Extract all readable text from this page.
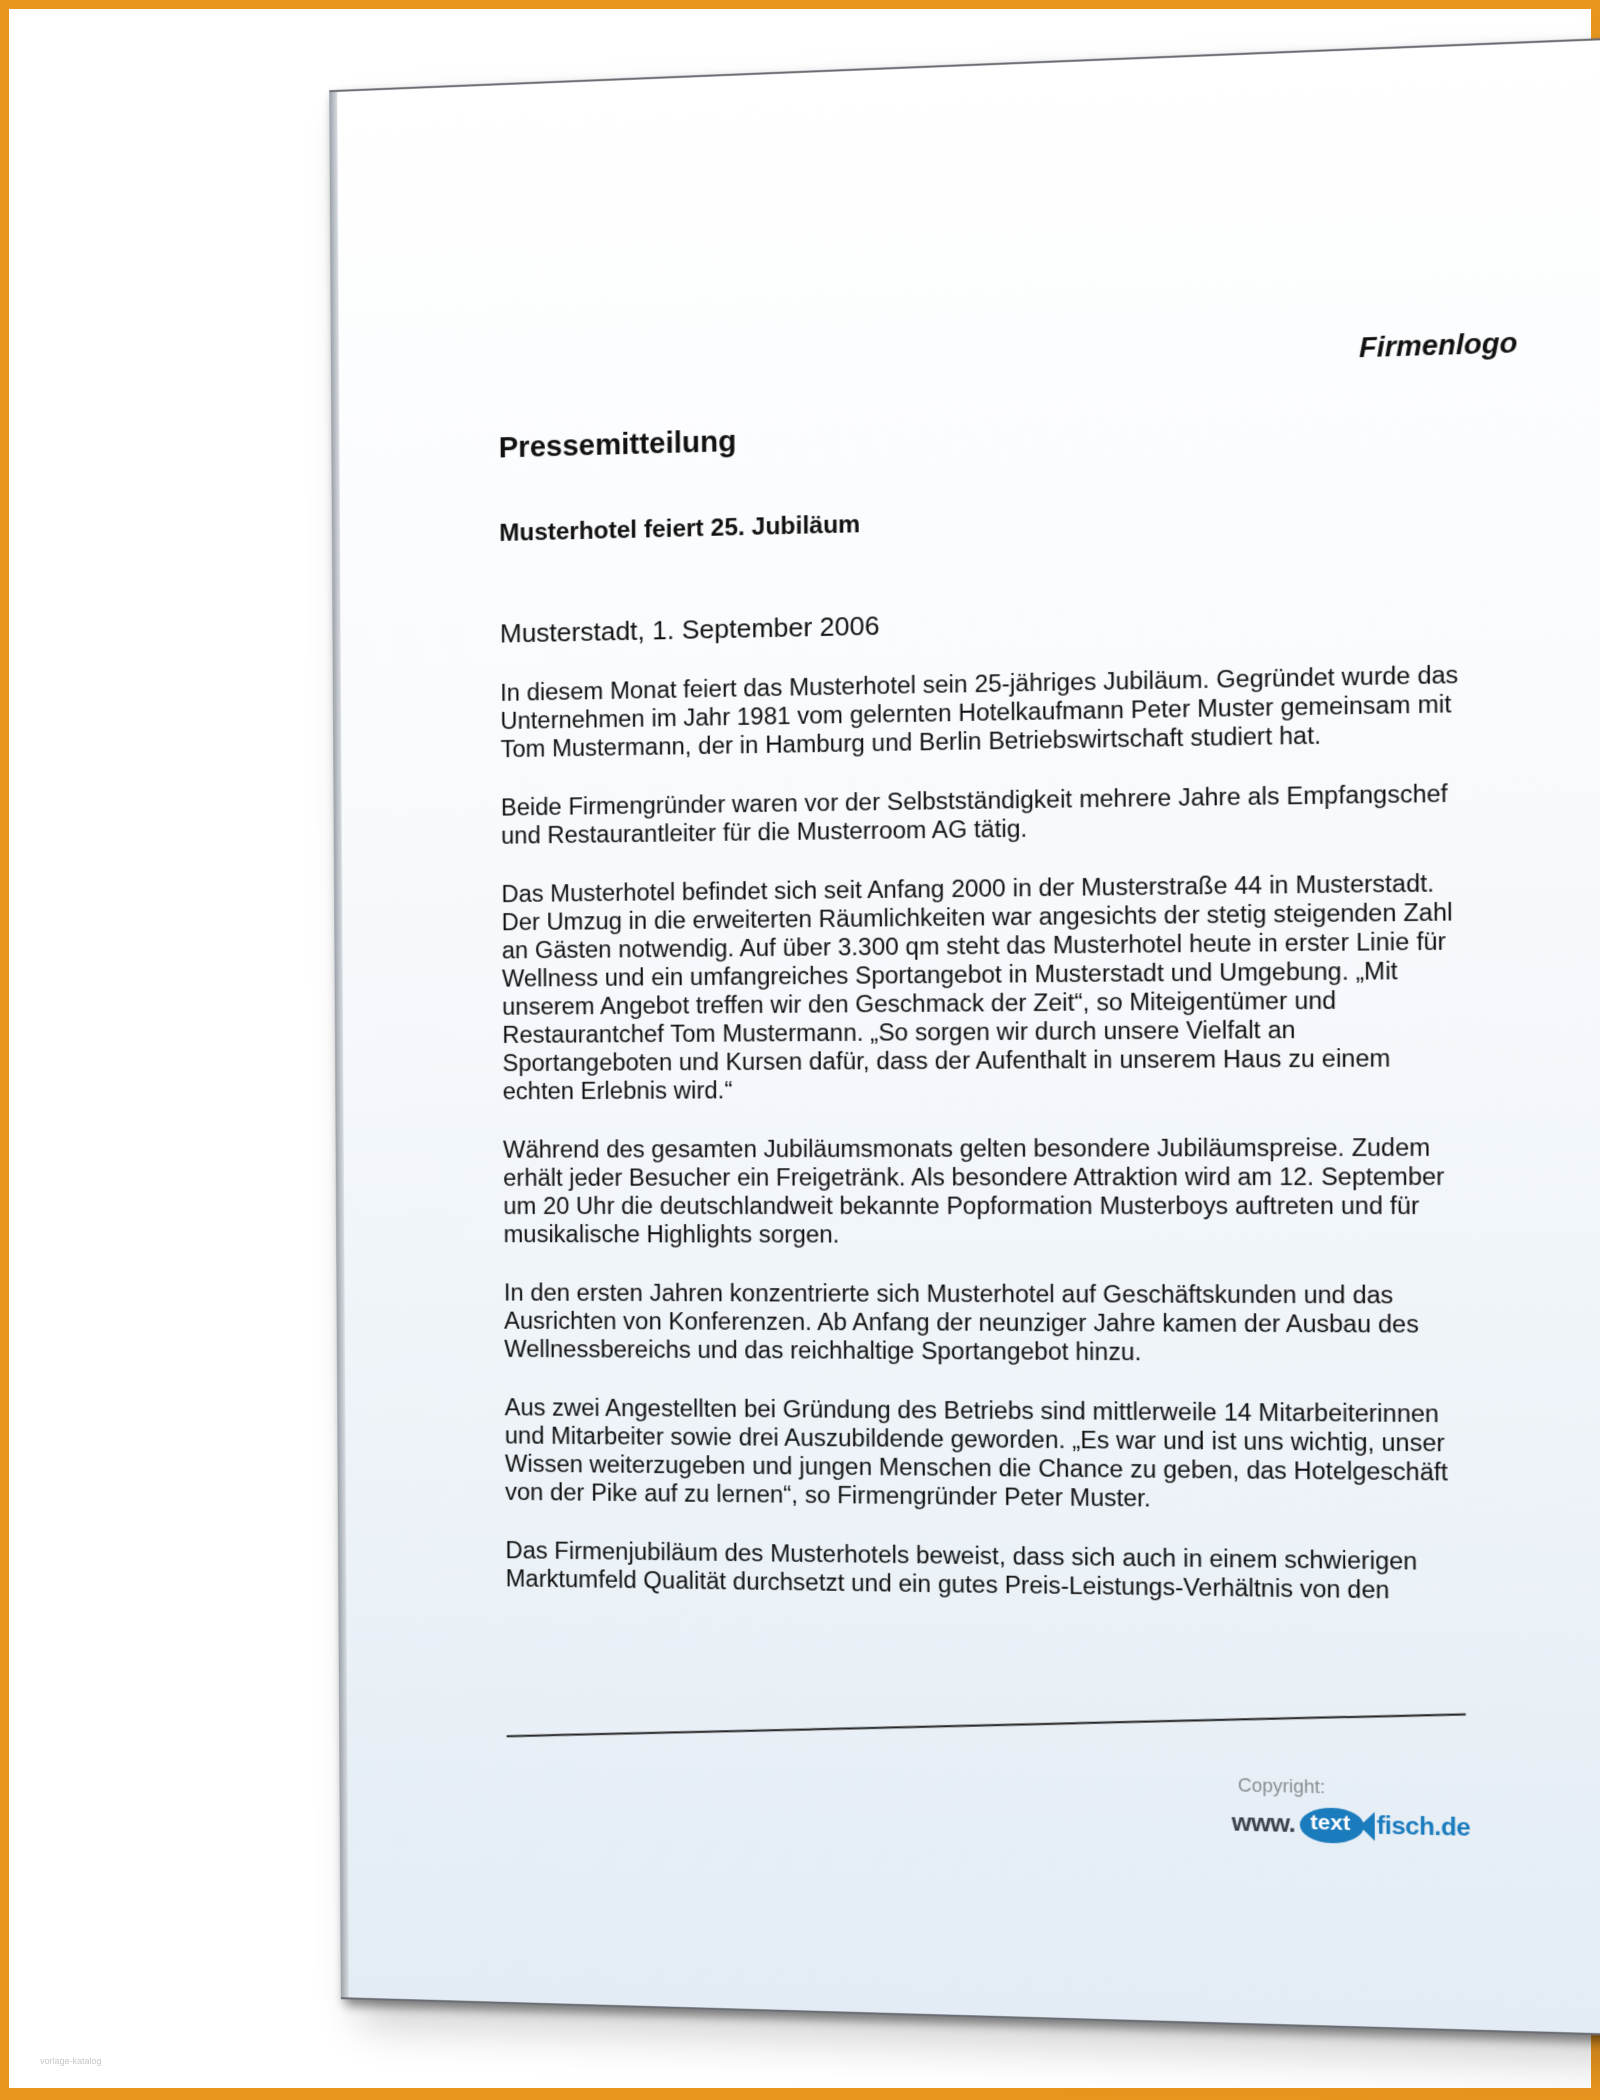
Firmenlogo
Pressemitteilung
Musterhotel feiert 25. Jubiläum
Musterstadt, 1. September 2006

In diesem Monat feiert das Musterhotel sein 25-jähriges Jubiläum. Gegründet wurde das
Unternehmen im Jahr 1981 vom gelernten Hotelkaufmann Peter Muster gemeinsam mit
Tom Mustermann, der in Hamburg und Berlin Betriebswirtschaft studiert hat.

Beide Firmengründer waren vor der Selbstständigkeit mehrere Jahre als Empfangschef
und Restaurantleiter für die Musterroom AG tätig.

Das Musterhotel befindet sich seit Anfang 2000 in der Musterstraße 44 in Musterstadt.
Der Umzug in die erweiterten Räumlichkeiten war angesichts der stetig steigenden Zahl
an Gästen notwendig. Auf über 3.300 qm steht das Musterhotel heute in erster Linie für
Wellness und ein umfangreiches Sportangebot in Musterstadt und Umgebung. „Mit
unserem Angebot treffen wir den Geschmack der Zeit“, so Miteigentümer und
Restaurantchef Tom Mustermann. „So sorgen wir durch unsere Vielfalt an
Sportangeboten und Kursen dafür, dass der Aufenthalt in unserem Haus zu einem
echten Erlebnis wird.“

Während des gesamten Jubiläumsmonats gelten besondere Jubiläumspreise. Zudem
erhält jeder Besucher ein Freigetränk. Als besondere Attraktion wird am 12. September
um 20 Uhr die deutschlandweit bekannte Popformation Musterboys auftreten und für
musikalische Highlights sorgen.

In den ersten Jahren konzentrierte sich Musterhotel auf Geschäftskunden und das
Ausrichten von Konferenzen. Ab Anfang der neunziger Jahre kamen der Ausbau des
Wellnessbereichs und das reichhaltige Sportangebot hinzu.

Aus zwei Angestellten bei Gründung des Betriebs sind mittlerweile 14 Mitarbeiterinnen
und Mitarbeiter sowie drei Auszubildende geworden. „Es war und ist uns wichtig, unser
Wissen weiterzugeben und jungen Menschen die Chance zu geben, das Hotelgeschäft
von der Pike auf zu lernen“, so Firmengründer Peter Muster.

Das Firmenjubiläum des Musterhotels beweist, dass sich auch in einem schwierigen
Marktumfeld Qualität durchsetzt und ein gutes Preis-Leistungs-Verhältnis von den

Copyright:
www. text fisch.de
vorlage-katalog
